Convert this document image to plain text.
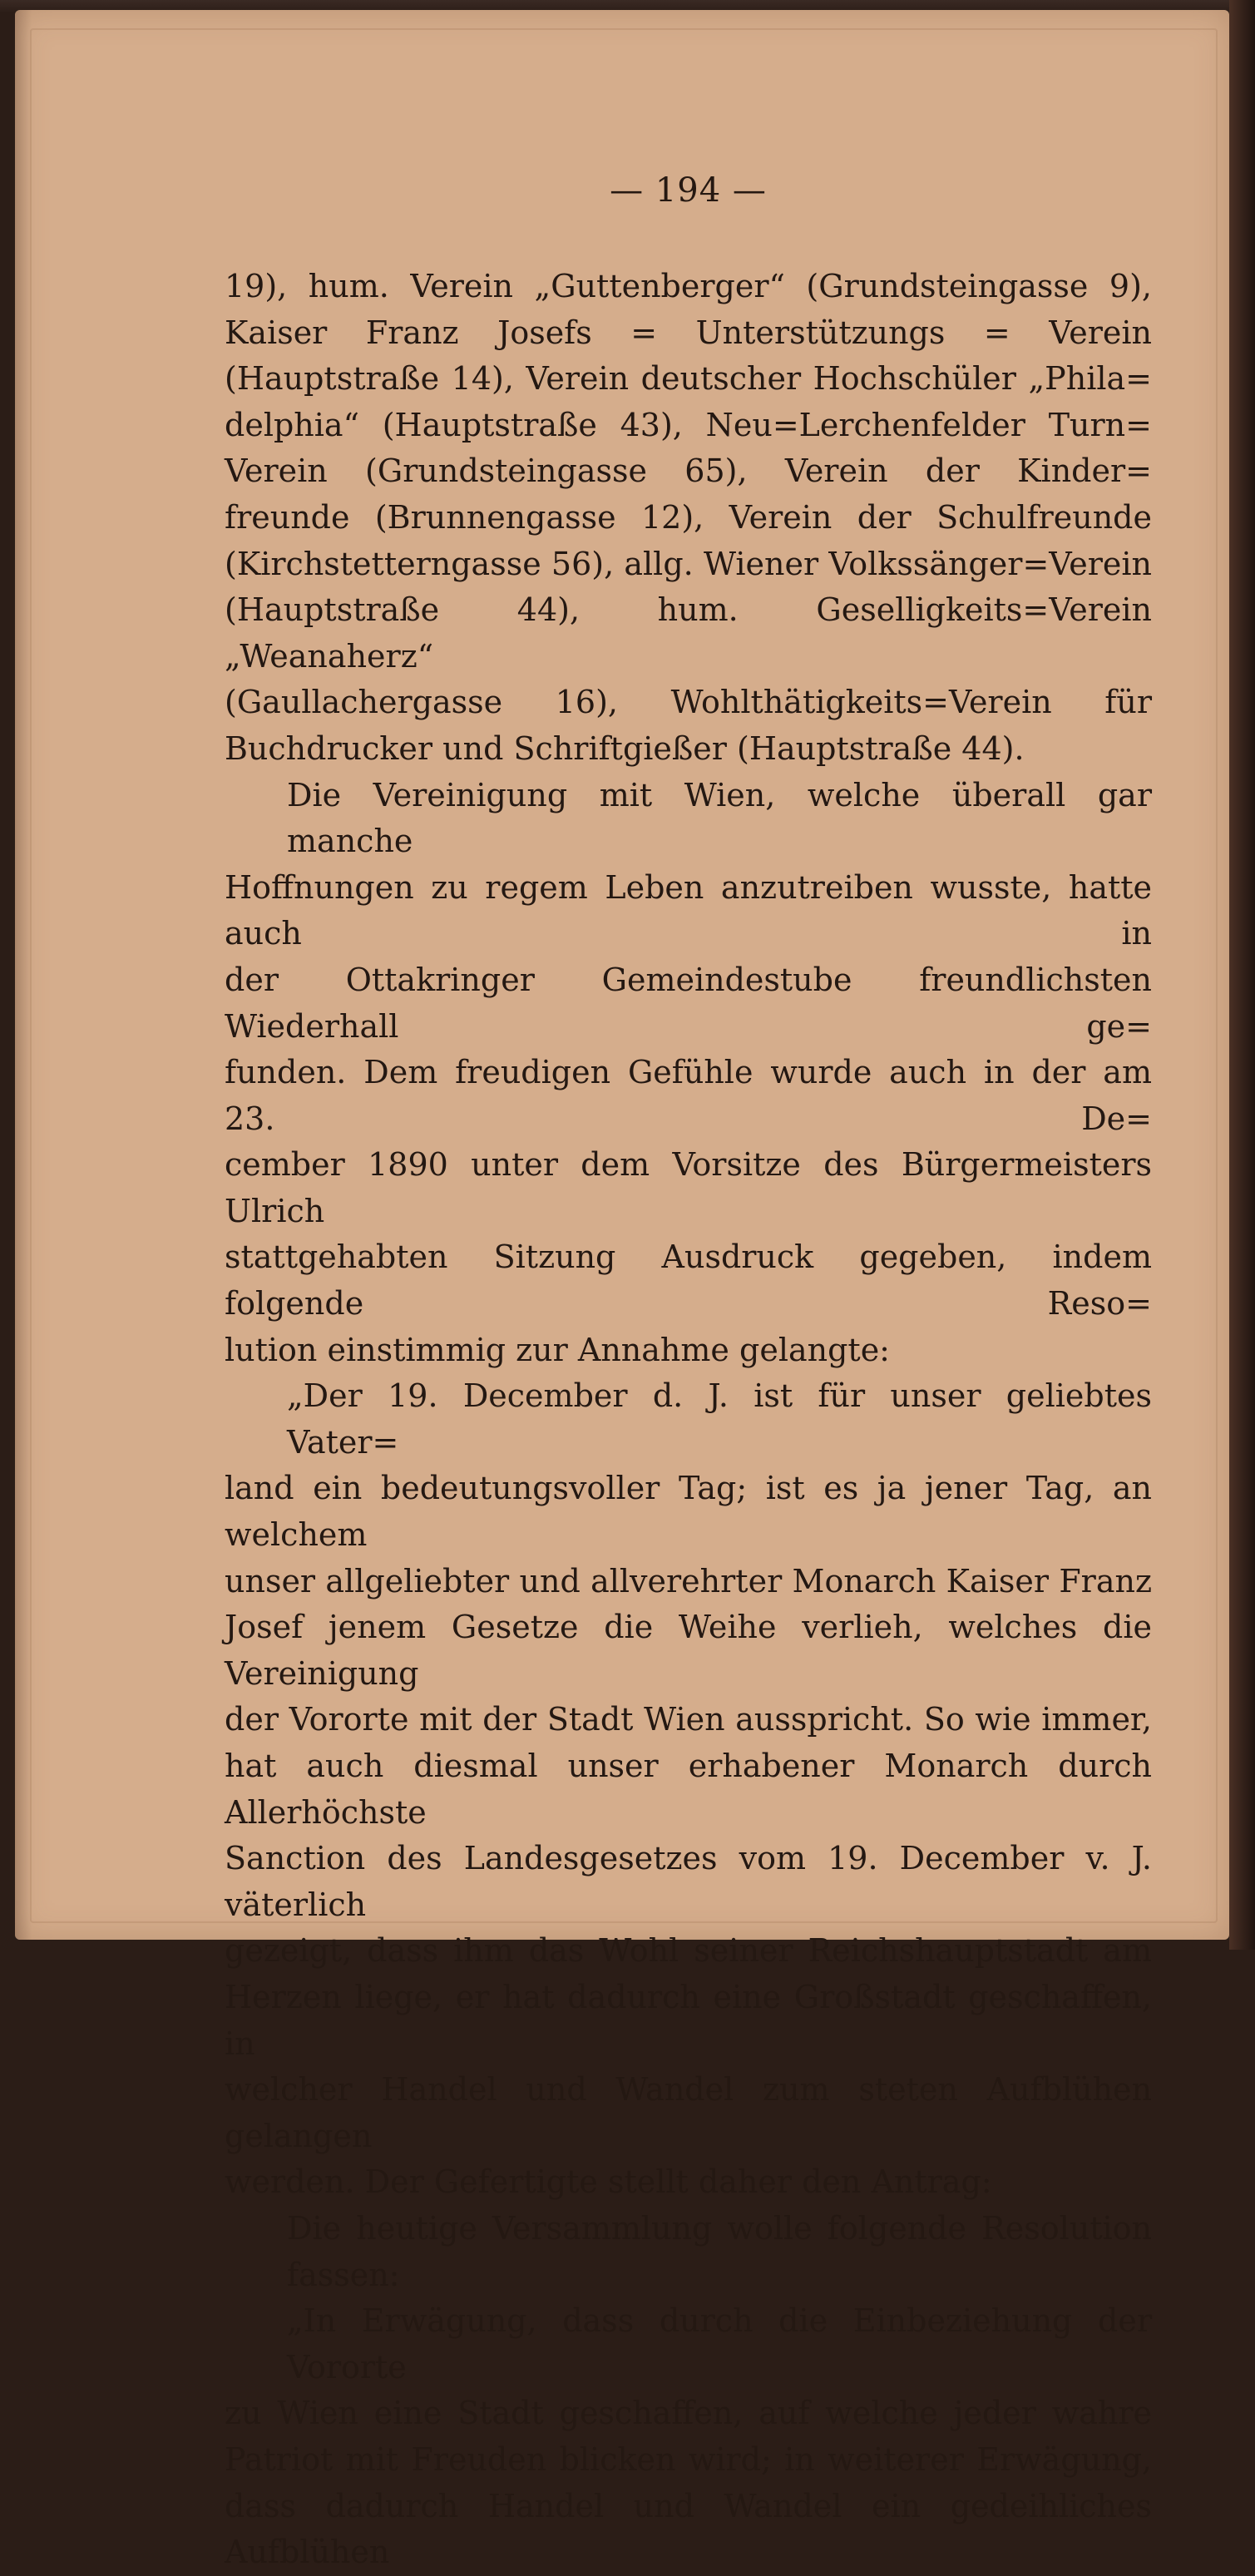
— 194 —
19), hum. Verein „Guttenberger“ (Grundsteingasse 9),
Kaiser Franz Josefs = Unterstützungs = Verein
(Hauptstraße 14), Verein deutscher Hochschüler „Phila=
delphia“ (Hauptstraße 43), Neu=Lerchenfelder Turn=
Verein (Grundsteingasse 65), Verein der Kinder=
freunde (Brunnengasse 12), Verein der Schulfreunde
(Kirchstetterngasse 56), allg. Wiener Volkssänger=Verein
(Hauptstraße 44), hum. Geselligkeits=Verein „Weanaherz“
(Gaullachergasse 16), Wohlthätigkeits=Verein für
Buchdrucker und Schriftgießer (Hauptstraße 44).
Die Vereinigung mit Wien, welche überall gar manche
Hoffnungen zu regem Leben anzutreiben wusste, hatte auch in
der Ottakringer Gemeindestube freundlichsten Wiederhall ge=
funden. Dem freudigen Gefühle wurde auch in der am 23. De=
cember 1890 unter dem Vorsitze des Bürgermeisters Ulrich
stattgehabten Sitzung Ausdruck gegeben, indem folgende Reso=
lution einstimmig zur Annahme gelangte:
„Der 19. December d. J. ist für unser geliebtes Vater=
land ein bedeutungsvoller Tag; ist es ja jener Tag, an welchem
unser allgeliebter und allverehrter Monarch Kaiser Franz
Josef jenem Gesetze die Weihe verlieh, welches die Vereinigung
der Vororte mit der Stadt Wien ausspricht. So wie immer,
hat auch diesmal unser erhabener Monarch durch Allerhöchste
Sanction des Landesgesetzes vom 19. December v. J. väterlich
gezeigt, dass ihm das Wohl seiner Reichshauptstadt am
Herzen liege, er hat dadurch eine Großstadt geschaffen, in
welcher Handel und Wandel zum steten Aufblühen gelangen
werden. Der Gefertigte stellt daher den Antrag:
Die heutige Versammlung wolle folgende Resolution fassen:
„In Erwägung, dass durch die Einbeziehung der Vororte
zu Wien eine Stadt geschaffen, auf welche jeder wahre
Patriot mit Freuden blicken wird; in weiterer Erwägung,
dass dadurch Handel und Wandel ein gedeihliches Aufblühen
